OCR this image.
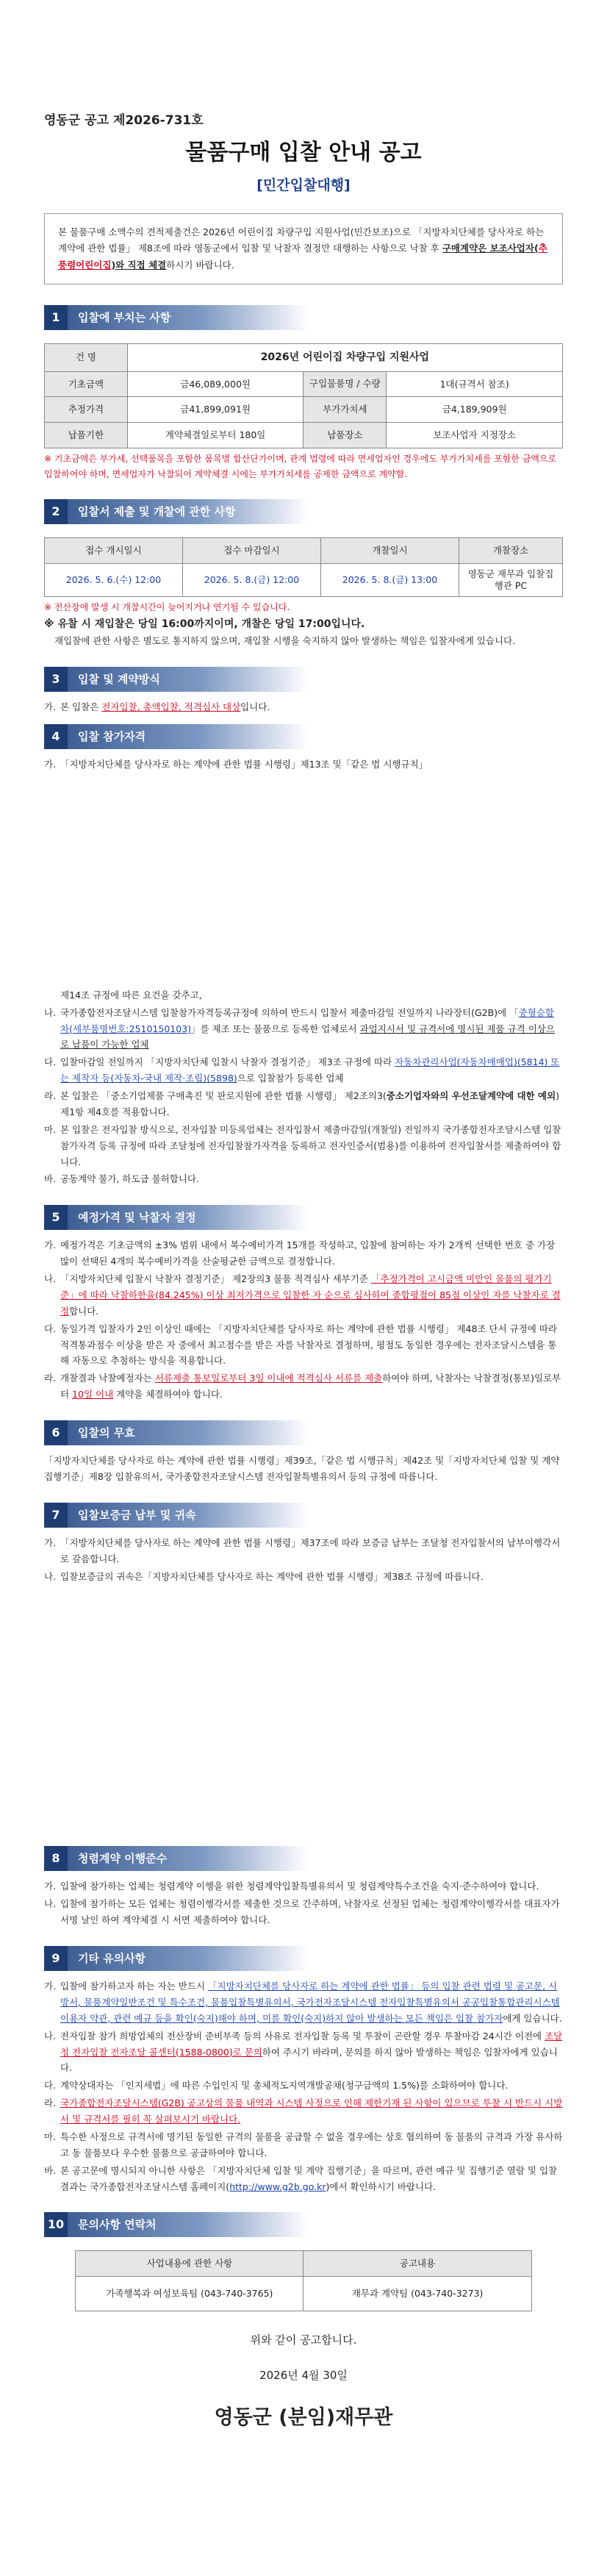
영동군 공고 제2026-731호
물품구매 입찰 안내 공고
[민간입찰대행]
본 물품구매 소액수의 견적제출건은 2026년 어린이집 차량구입 지원사업(민간보조)으로 「지방자치단체를 당사자로 하는 계약에 관한 법률」 제8조에 따라 영동군에서 입찰 및 낙찰자 결정만 대행하는 사항으로 낙찰 후 구매계약은 보조사업자(추풍령어린이집)와 직접 체결하시기 바랍니다.
1	입찰에 부치는 사항
건 명	2026년 어린이집 차량구입 지원사업		
기초금액	금46,089,000원	구입물품명 / 수량	1대(규격서 참조)
추정가격	금41,899,091원	부가가치세	금4,189,909원
납품기한	계약체결일로부터 180일	납품장소	보조사업자 지정장소
※ 기초금액은 부가세, 선택품목을 포함한 품목별 합산단가이며, 관계 법령에 따라 면세업자인 경우에도 부가가치세를 포함한 금액으로 입찰하여야 하며, 면세업자가 낙찰되어 계약체결 시에는 부가가치세를 공제한 금액으로 계약함.
2	입찰서 제출 및 개찰에 관한 사항
접수 개시일시	접수 마감일시	개찰일시	개찰장소
2026. 5. 6.(수) 12:00	2026. 5. 8.(금) 12:00	2026. 5. 8.(금) 13:00	영동군 재무과 입찰집행관 PC
※ 전산장애 발생 시 개찰시간이 늦어지거나 연기될 수 있습니다.
※ 유찰 시 재입찰은 당일 16:00까지이며, 개찰은 당일 17:00입니다.
재입찰에 관한 사항은 별도로 통지하지 않으며, 재입찰 시행을 숙지하지 않아 발생하는 책임은 입찰자에게 있습니다.
3	입찰 및 계약방식
가. 본 입찰은 전자입찰, 총액입찰, 적격심사 대상입니다.
4	입찰 참가자격
가. 「지방자치단체를 당사자로 하는 계약에 관한 법률 시행령」제13조 및「같은 법 시행규칙」
제14조 규정에 따른 요건을 갖추고,
나. 국가종합전자조달시스템 입찰참가자격등록규정에 의하여 반드시 입찰서 제출마감일 전일까지 나라장터(G2B)에 「중형승합차(세부품명번호:2510150103)」를 제조 또는 물품으로 등록한 업체로서 과업지시서 및 규격서에 명시된 제품 규격 이상으로 납품이 가능한 업체
다. 입찰마감일 전일까지 「지방자치단체 입찰시 낙찰자 결정기준」 제3조 규정에 따라 자동차관리사업(자동차매매업)(5814) 또는 제작자 등(자동차-국내 제작·조립)(5898)으로 입찰참가 등록한 업체
라. 본 입찰은 「중소기업제품 구매촉진 및 판로지원에 관한 법률 시행령」 제2조의3(중소기업자와의 우선조달계약에 대한 예외) 제1항 제4호를 적용합니다.
마. 본 입찰은 전자입찰 방식으로, 전자입찰 미등록업체는 전자입찰서 제출마감일(개찰일) 전일까지 국가종합전자조달시스템 입찰참가자격 등록 규정에 따라 조달청에 전자입찰참가자격을 등록하고 전자인증서(범용)를 이용하여 전자입찰서를 제출하여야 합니다.
바. 공동계약 불가, 하도급 불허합니다.
5	예정가격 및 낙찰자 결정
가. 예정가격은 기초금액의 ±3% 범위 내에서 복수예비가격 15개를 작성하고, 입찰에 참여하는 자가 2개씩 선택한 번호 중 가장 많이 선택된 4개의 복수예비가격을 산술평균한 금액으로 결정합니다.
나. 「지방자치단체 입찰시 낙찰자 결정기준」 제2장의3 물품 적격심사 세부기준 「추정가격이 고시금액 미만인 물품의 평가기준」에 따라 낙찰하한율(84.245%) 이상 최저가격으로 입찰한 자 순으로 심사하여 종합평점이 85점 이상인 자를 낙찰자로 결정합니다.
다. 동일가격 입찰자가 2인 이상인 때에는 「지방자치단체를 당사자로 하는 계약에 관한 법률 시행령」 제48조 단서 규정에 따라 적격통과점수 이상을 받은 자 중에서 최고점수를 받은 자를 낙찰자로 결정하며, 평점도 동일한 경우에는 전자조달시스템을 통해 자동으로 추첨하는 방식을 적용합니다.
라. 개찰결과 낙찰예정자는 서류제출 통보일로부터 3일 이내에 적격심사 서류를 제출하여야 하며, 낙찰자는 낙찰결정(통보)일로부터 10일 이내 계약을 체결하여야 합니다.
6	입찰의 무효
「지방자치단체를 당사자로 하는 계약에 관한 법률 시행령」제39조,「같은 법 시행규칙」제42조 및「지방자치단체 입찰 및 계약집행기준」제8장 입찰유의서, 국가종합전자조달시스템 전자입찰특별유의서 등의 규정에 따릅니다.
7	입찰보증금 납부 및 귀속
가. 「지방자치단체를 당사자로 하는 계약에 관한 법률 시행령」제37조에 따라 보증금 납부는 조달청 전자입찰서의 납부이행각서로 갈음합니다.
나. 입찰보증금의 귀속은「지방자치단체를 당사자로 하는 계약에 관한 법률 시행령」제38조 규정에 따릅니다.
8	청렴계약 이행준수
가. 입찰에 참가하는 업체는 청렴계약 이행을 위한 청렴계약입찰특별유의서 및 청렴계약특수조건을 숙지·준수하여야 합니다.
나. 입찰에 참가하는 모든 업체는 청렴이행각서를 제출한 것으로 간주하며, 낙찰자로 선정된 업체는 청렴계약이행각서를 대표자가 서명 날인 하여 계약체결 시 서면 제출하여야 합니다.
9	기타 유의사항
가. 입찰에 참가하고자 하는 자는 반드시 「지방자치단체를 당사자로 하는 계약에 관한 법률」 등의 입찰 관련 법령 및 공고문, 시방서, 물품계약일반조건 및 특수조건, 물품입찰특별유의서, 국가전자조달시스템 전자입찰특별유의서 공공입찰통합관리시스템 이용자 약관, 관련 예규 등을 확인(숙지)해야 하며, 미를 확인(숙지)하지 않아 발생하는 모든 책임은 입찰 참가자에게 있습니다.
나. 전자입찰 참가 희망업체의 전산장비 준비부족 등의 사유로 전자입찰 등록 및 투찰이 곤란할 경우 투찰마감 24시간 이전에 조달청 전자입찰 전자조달 콜센터(1588-0800)로 문의하여 주시기 바라며, 문의를 하지 않아 발생하는 책임은 입찰자에게 있습니다.
다. 계약상대자는 「인지세법」에 따른 수입인지 및 총체적도지역개발공채(청구금액의 1.5%)를 소화하여야 합니다.
라. 국가종합전자조달시스템(G2B) 공고상의 물품 내역과 시스템 사정으로 인해 제한기재 된 사항이 있으므로 투찰 시 반드시 시방서 및 규격서를 필히 꼭 살펴보시기 바랍니다.
마. 특수한 사정으로 규격서에 명기된 동일한 규격의 물품을 공급할 수 없을 경우에는 상호 협의하여 동 물품의 규격과 가장 유사하고 동 물품보다 우수한 물품으로 공급하여야 합니다.
바. 본 공고문에 명시되지 아니한 사항은 「지방자치단체 입찰 및 계약 집행기준」을 따르며, 관련 예규 및 집행기준 열람 및 입찰결과는 국가종합전자조달시스템 홈페이지(http://www.g2b.go.kr)에서 확인하시기 바랍니다.
10	문의사항 연락처
사업내용에 관한 사항	공고내용
가족행복과 여성보육팀 (043-740-3765)	재무과 계약팀 (043-740-3273)
위와 같이 공고합니다.
2026년 4월 30일
영동군 (분임)재무관
